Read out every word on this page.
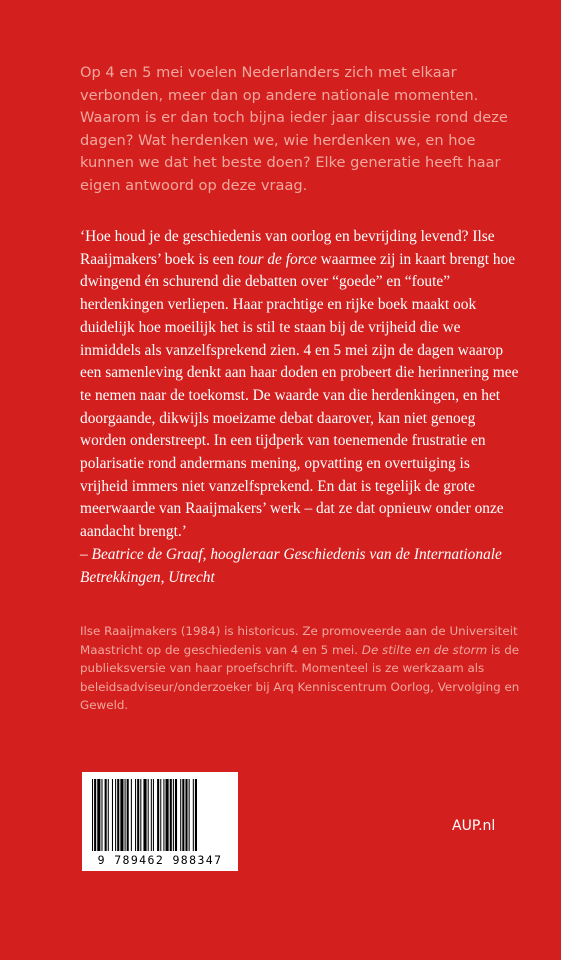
Op 4 en 5 mei voelen Nederlanders zich met elkaar verbonden, meer dan op andere nationale momenten. Waarom is er dan toch bijna ieder jaar discussie rond deze dagen? Wat herdenken we, wie herdenken we, en hoe kunnen we dat het beste doen? Elke generatie heeft haar eigen antwoord op deze vraag.

‘Hoe houd je de geschiedenis van oorlog en bevrijding levend? Ilse Raaijmakers’ boek is een tour de force waarmee zij in kaart brengt hoe dwingend én schurend die debatten over “goede” en “foute” herdenkingen verliepen. Haar prachtige en rijke boek maakt ook duidelijk hoe moeilijk het is stil te staan bij de vrijheid die we inmiddels als vanzelfsprekend zien. 4 en 5 mei zijn de dagen waarop een samenleving denkt aan haar doden en probeert die herinnering mee te nemen naar de toekomst. De waarde van die herdenkingen, en het doorgaande, dikwijls moeizame debat daarover, kan niet genoeg worden onderstreept. In een tijdperk van toenemende frustratie en polarisatie rond andermans mening, opvatting en overtuiging is vrijheid immers niet vanzelfsprekend. En dat is tegelijk de grote meerwaarde van Raaijmakers’ werk – dat ze dat opnieuw onder onze aandacht brengt.’
– Beatrice de Graaf, hoogleraar Geschiedenis van de Internationale Betrekkingen, Utrecht

Ilse Raaijmakers (1984) is historicus. Ze promoveerde aan de Universiteit Maastricht op de geschiedenis van 4 en 5 mei. De stilte en de storm is de publieksversie van haar proefschrift. Momenteel is ze werkzaam als beleidsadviseur/onderzoeker bij Arq Kenniscentrum Oorlog, Vervolging en Geweld.

9 789462 988347
AUP.nl
